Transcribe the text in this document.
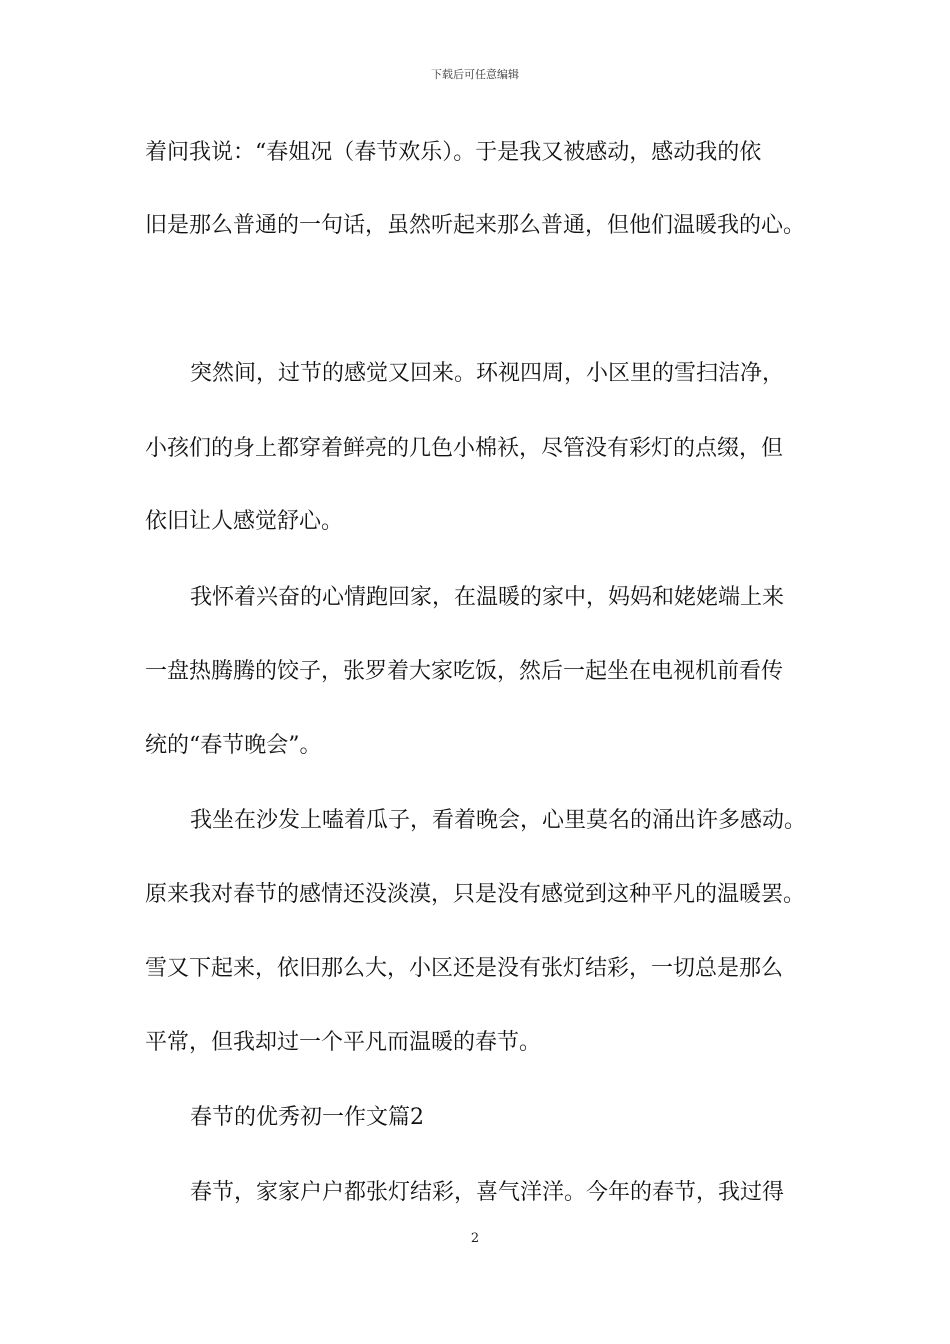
下载后可任意编辑
着问我说：“春姐况（春节欢乐）。于是我又被感动，感动我的依
旧是那么普通的一句话，虽然听起来那么普通，但他们温暖我的心。
突然间，过节的感觉又回来。环视四周，小区里的雪扫洁净，
小孩们的身上都穿着鲜亮的几色小棉袄，尽管没有彩灯的点缀，但
依旧让人感觉舒心。
我怀着兴奋的心情跑回家，在温暖的家中，妈妈和姥姥端上来
一盘热腾腾的饺子，张罗着大家吃饭，然后一起坐在电视机前看传
统的“春节晚会”。
我坐在沙发上嗑着瓜子，看着晚会，心里莫名的涌出许多感动。
原来我对春节的感情还没淡漠，只是没有感觉到这种平凡的温暖罢。
雪又下起来，依旧那么大，小区还是没有张灯结彩，一切总是那么
平常，但我却过一个平凡而温暖的春节。
春节的优秀初一作文篇2
春节，家家户户都张灯结彩，喜气洋洋。今年的春节，我过得
2
